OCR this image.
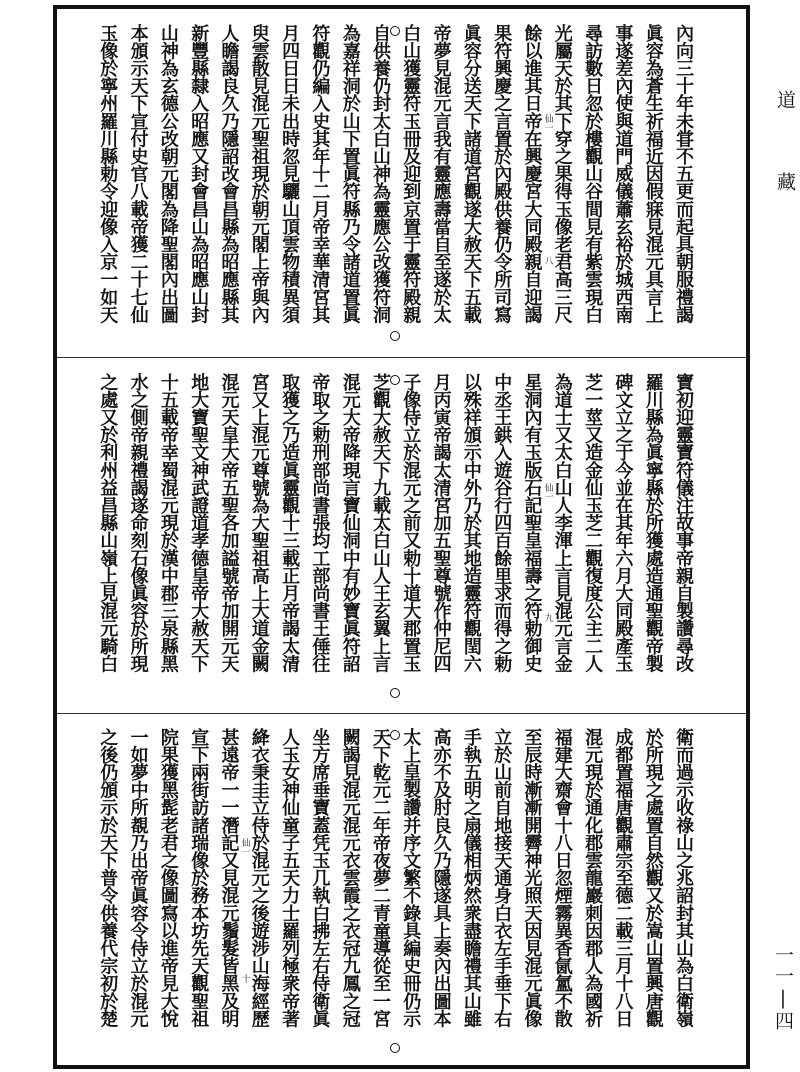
道
藏
一一|四
內向三十年未甞不五更而起具朝服禮謁
眞容為蒼生祈福近因假寐見混元具言上
事遂差內使與道門威儀蕭玄裕於城西南
尋訪數日忽於樓觀山谷間見有紫雲現白
光屬天於其下穿之果得玉像老君高三尺
餘以進其日帝在興慶宮大同殿親自迎謁
果符興慶之言置於內殿供養仍令所司寫
眞容分送天下諸道宮觀遂大赦天下五載
帝夢見混元言我有靈應壽當自至遂於太
白山獲靈符玉冊及迎到京置于靈符殿親
自供養仍封太白山神為靈應公改獲符洞
為嘉祥洞於山下置眞符縣乃令諸道置眞
符觀仍編入史其年十二月帝幸華清宮其
月四日日未出時忽見驪山頂雲物積異須
臾雲散見混元聖祖現於朝元閣上帝與內
人瞻謁良久乃隱詔改會昌縣為昭應縣其
新豐縣隸入昭應又封會昌山為昭應山封
山神為玄德公改朝元閣為降聖閣內出圖
本頒示天下宣付史官八載帝獲二十七仙
玉像於寧州羅川縣勅令迎像入京一如天	仙一
八
寶初迎靈寶符儀注故事帝親自製讚尋改
羅川縣為眞寧縣於所獲處造通聖觀帝製
碑文立之于今並在其年六月大同殿產玉
芝一莖又造金仙玉芝二觀復度公主二人
為道士又太白山人李渾上言見混元言金
星洞內有玉版石記聖皇福壽之符勅御史
中丞王鉷入遊谷行四百餘里求而得之勅
以殊祥頒示中外乃於其地造靈符觀閏六
月丙寅帝謁太清宮加五聖尊號作仲尼四
子像侍立於混元之前又勅十道大郡置玉
芝觀大赦天下九載太白山人王玄翼上言
混元大帝降現言寶仙洞中有妙寶眞符詔
帝取之勅刑部尚書張均工部尚書王倕往
取獲之乃造眞靈觀十三載正月帝謁太清
宮又上混元尊號為大聖祖高上大道金闕
混元天皇大帝五聖各加謚號帝加開元天
地大寶聖文神武證道孝德皇帝大赦天下
十五載帝幸蜀混元現於漢中郡三泉縣黑
水之側帝親禮謁遂命刻石像眞容於所現
之處又於利州益昌縣山嶺上見混元騎白	仙一
九
衛而過示收祿山之兆詔封其山為白衛嶺
於所現之處置自然觀又於嵩山置興唐觀
成都置福唐觀肅宗至德二載三月十八日
混元現於通化郡雲龍巖刺因郡人為國祈
福建大齋會十八日忽煙霧異香氤氳不散
至辰時漸漸開霽神光照天因見混元眞像
立於山前自地接天通身白衣左手垂下右
手執五明之扇儀相炳然衆盡瞻禮其山雖
高亦不及肘良久乃隱遂具上奏內出圖本
太上皇製讚并序文繁不錄具編史冊仍示
天下乾元二年帝夜夢二青童導從至一宮
闕謁見混元混元衣雲霞之衣冠九鳳之冠
坐方席垂寶蓋凭玉几執白拂左右侍衛眞
人玉女神仙童子五天力士羅列極衆帝著
絳衣秉圭立侍於混元之後遊涉山海經歷
甚遠帝一一潛記又見混元鬚髮皆黑及明
宣下兩街訪諸瑞像於務本坊先天觀聖祖
院果獲黑髭老君之像圖寫以進帝見大悅
一如夢中所覩乃出帝眞容令侍立於混元
之後仍頒示於天下普令供養代宗初於楚	仙一
十
